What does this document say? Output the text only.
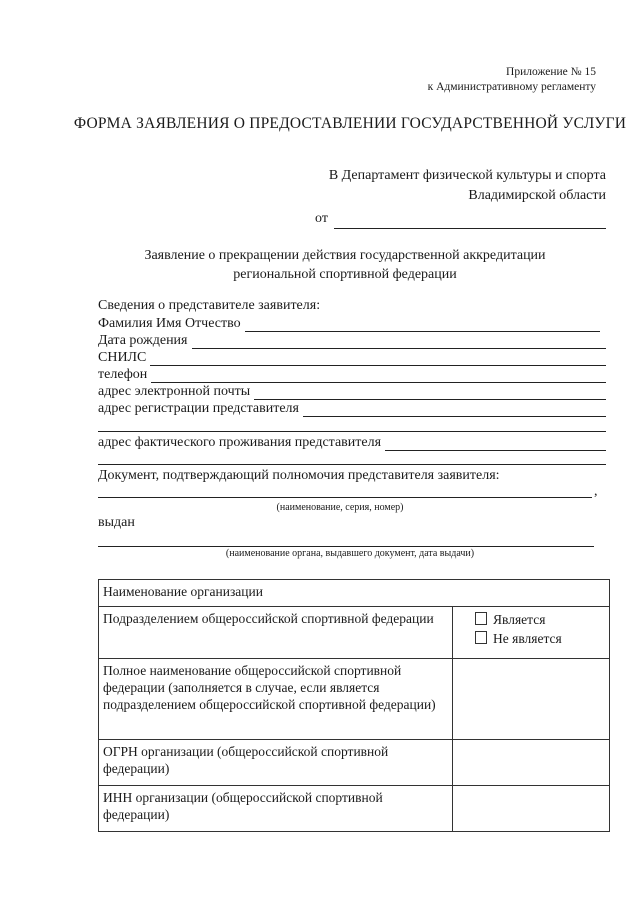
Приложение № 15
к Административному регламенту
ФОРМА ЗАЯВЛЕНИЯ О ПРЕДОСТАВЛЕНИИ ГОСУДАРСТВЕННОЙ УСЛУГИ
В Департамент физической культуры и спорта
Владимирской области
от
Заявление о прекращении действия государственной аккредитации
региональной спортивной федерации
Сведения о представителе заявителя:
Фамилия Имя Отчество
Дата рождения
СНИЛС
телефон
адрес электронной почты
адрес регистрации представителя
адрес фактического проживания представителя
Документ, подтверждающий полномочия представителя заявителя:
,
(наименование, серия, номер)
выдан
(наименование органа, выдавшего документ, дата выдачи)
Наименование организации	
Подразделением общероссийской спортивной федерации	Является
Не является

Полное наименование общероссийской спортивной федерации (заполняется в случае, если является подразделением общероссийской спортивной федерации)	
ОГРН организации (общероссийской спортивной федерации)	
ИНН организации (общероссийской спортивной федерации)	
